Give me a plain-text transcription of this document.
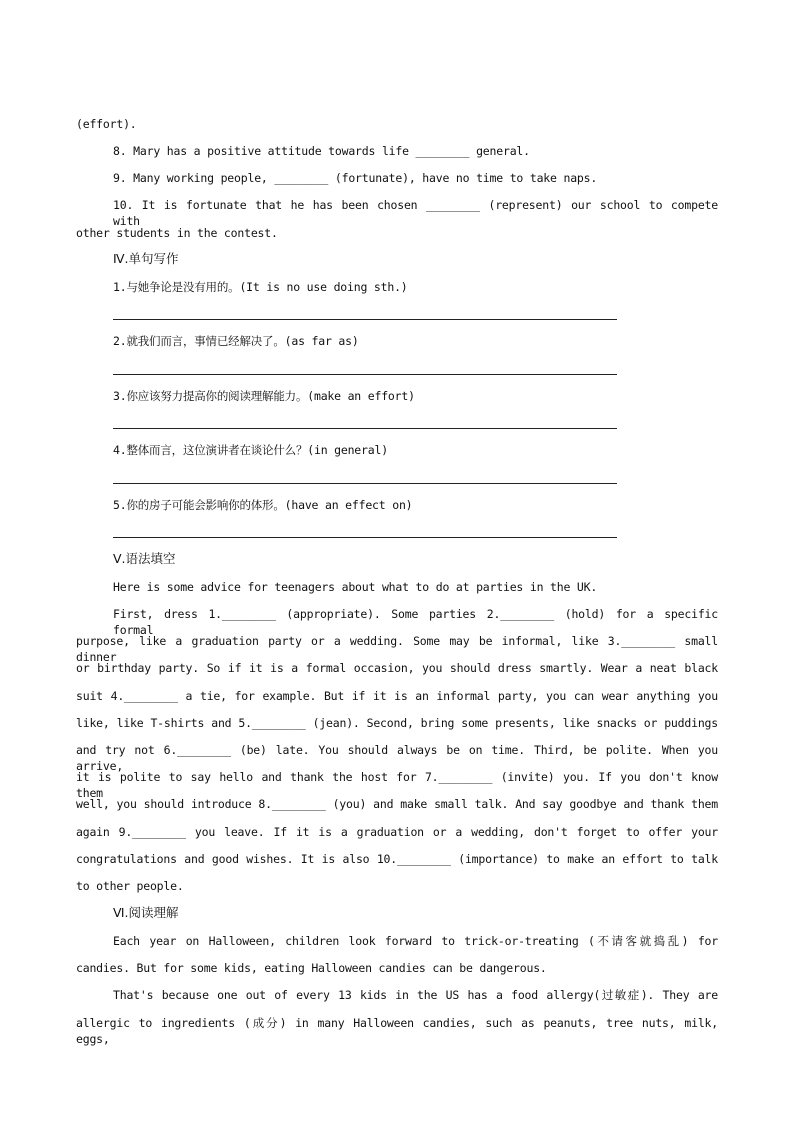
(effort).
8. Mary has a positive attitude towards life ________ general.
9. Many working people, ________ (fortunate), have no time to take naps.
10. It is fortunate that he has been chosen ________ (represent) our school to compete with
other students in the contest.
Ⅳ.单句写作
1.与她争论是没有用的。(It is no use doing sth.)
2.就我们而言，事情已经解决了。(as far as)
3.你应该努力提高你的阅读理解能力。(make an effort)
4.整体而言，这位演讲者在谈论什么？(in general)
5.你的房子可能会影响你的体形。(have an effect on)
Ⅴ.语法填空
Here is some advice for teenagers about what to do at parties in the UK.
First, dress 1.________ (appropriate). Some parties 2.________ (hold) for a specific formal
purpose, like a graduation party or a wedding. Some may be informal, like 3.________ small dinner
or birthday party. So if it is a formal occasion, you should dress smartly. Wear a neat black
suit 4.________ a tie, for example. But if it is an informal party, you can wear anything you
like, like T-shirts and 5.________ (jean). Second, bring some presents, like snacks or puddings
and try not 6.________ (be) late. You should always be on time. Third, be polite. When you arrive,
it is polite to say hello and thank the host for 7.________ (invite) you. If you don't know them
well, you should introduce 8.________ (you) and make small talk. And say goodbye and thank them
again 9.________ you leave. If it is a graduation or a wedding, don't forget to offer your
congratulations and good wishes. It is also 10.________ (importance) to make an effort to talk
to other people.
Ⅵ.阅读理解
Each year on Halloween, children look forward to trick-or-treating (不请客就捣乱) for
candies. But for some kids, eating Halloween candies can be dangerous.
That's because one out of every 13 kids in the US has a food allergy(过敏症). They are
allergic to ingredients (成分) in many Halloween candies, such as peanuts, tree nuts, milk, eggs,
